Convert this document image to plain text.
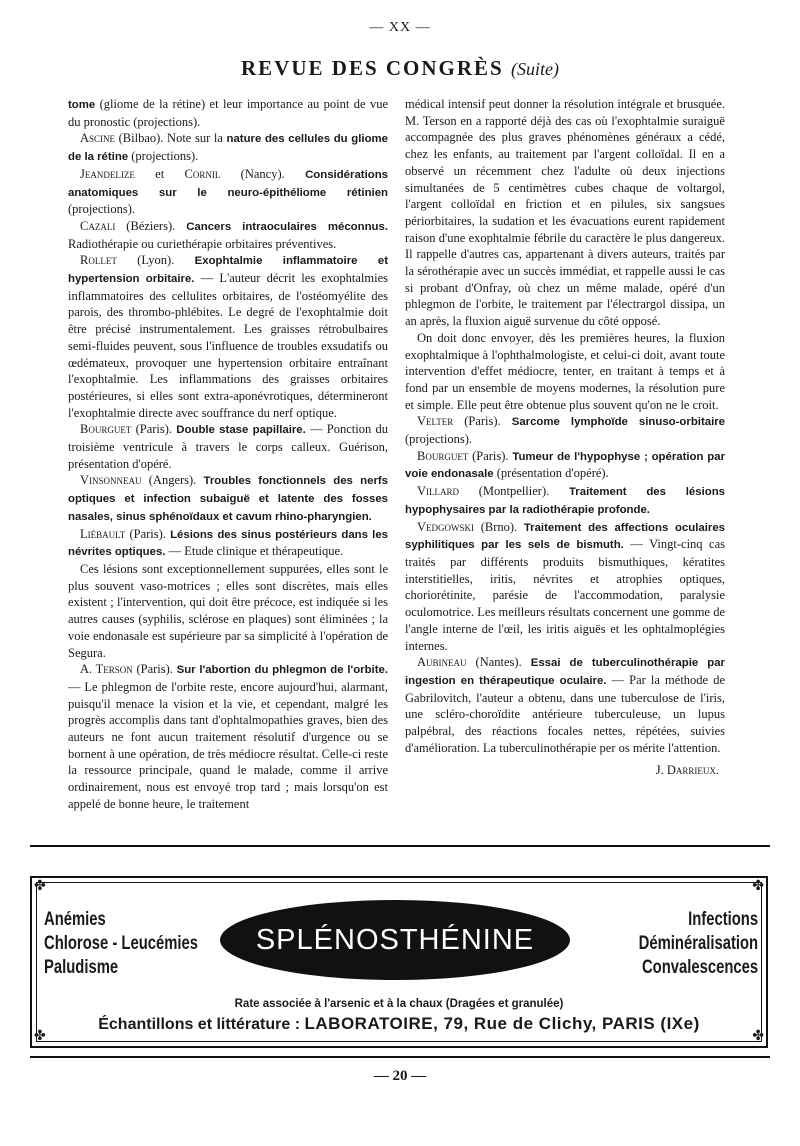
— XX —
REVUE DES CONGRÈS (Suite)

tome (gliome de la rétine) et leur importance au point de vue du pronostic (projections).

Ascine (Bilbao). Note sur la nature des cellules du gliome de la rétine (projections).

Jeandelize et Cornil (Nancy). Considérations anatomiques sur le neuro-épithéliome rétinien (projections).

Cazali (Béziers). Cancers intraoculaires méconnus. Radiothérapie ou curiethérapie orbitaires préventives.

Rollet (Lyon). Exophtalmie inflammatoire et hypertension orbitaire. — L'auteur décrit les exophtalmies inflammatoires des cellulites orbitaires, de l'ostéomyélite des parois, des thrombo-phlébites. Le degré de l'exophtalmie doit être précisé instrumentalement. Les graisses rétrobulbaires semi-fluides peuvent, sous l'influence de troubles exsudatifs ou œdémateux, provoquer une hypertension orbitaire entraînant l'exophtalmie. Les inflammations des graisses orbitaires postérieures, si elles sont extra-aponévrotiques, détermineront l'exophtalmie directe avec souffrance du nerf optique.

Bourguet (Paris). Double stase papillaire. — Ponction du troisième ventricule à travers le corps calleux. Guérison, présentation d'opéré.

Vinsonneau (Angers). Troubles fonctionnels des nerfs optiques et infection subaiguë et latente des fosses nasales, sinus sphénoïdaux et cavum rhino-pharyngien.

Liébault (Paris). Lésions des sinus postérieurs dans les névrites optiques. — Etude clinique et thérapeutique.

Ces lésions sont exceptionnellement suppurées, elles sont le plus souvent vaso-motrices ; elles sont discrètes, mais elles existent ; l'intervention, qui doit être précoce, est indiquée si les autres causes (syphilis, sclérose en plaques) sont éliminées ; la voie endonasale est supérieure par sa simplicité à l'opération de Segura.

A. Terson (Paris). Sur l'abortion du phlegmon de l'orbite. — Le phlegmon de l'orbite reste, encore aujourd'hui, alarmant, puisqu'il menace la vision et la vie, et cependant, malgré les progrès accomplis dans tant d'ophtalmopathies graves, bien des auteurs ne font aucun traitement résolutif d'urgence ou se bornent à une opération, de très médiocre résultat. Celle-ci reste la ressource principale, quand le malade, comme il arrive ordinairement, nous est envoyé trop tard ; mais lorsqu'on est appelé de bonne heure, le traitement

médical intensif peut donner la résolution intégrale et brusquée. M. Terson en a rapporté déjà des cas où l'exophtalmie suraiguë accompagnée des plus graves phénomènes généraux a cédé, chez les enfants, au traitement par l'argent colloïdal. Il en a observé un récemment chez l'adulte où deux injections simultanées de 5 centimètres cubes chaque de voltargol, l'argent colloïdal en friction et en pilules, six sangsues périorbitaires, la sudation et les évacuations eurent rapidement raison d'une exophtalmie fébrile du caractère le plus dangereux. Il rappelle d'autres cas, appartenant à divers auteurs, traités par la sérothérapie avec un succès immédiat, et rappelle aussi le cas si probant d'Onfray, où chez un même malade, opéré d'un phlegmon de l'orbite, le traitement par l'électrargol dissipa, un an après, la fluxion aiguë survenue du côté opposé.

On doit donc envoyer, dès les premières heures, la fluxion exophtalmique à l'ophthalmologiste, et celui-ci doit, avant toute intervention d'effet médiocre, tenter, en traitant à temps et à fond par un ensemble de moyens modernes, la résolution pure et simple. Elle peut être obtenue plus souvent qu'on ne le croit.

Velter (Paris). Sarcome lymphoïde sinuso-orbitaire (projections).

Bourguet (Paris). Tumeur de l'hypophyse ; opération par voie endonasale (présentation d'opéré).

Villard (Montpellier). Traitement des lésions hypophysaires par la radiothérapie profonde.

Vedgowski (Brno). Traitement des affections oculaires syphilitiques par les sels de bismuth. — Vingt-cinq cas traités par différents produits bismuthiques, kératites interstitielles, iritis, névrites et atrophies optiques, choriorétinite, parésie de l'accommodation, paralysie oculomotrice. Les meilleurs résultats concernent une gomme de l'angle interne de l'œil, les iritis aiguës et les ophtalmoplégies internes.

Aubineau (Nantes). Essai de tuberculinothérapie par ingestion en thérapeutique oculaire. — Par la méthode de Gabrilovitch, l'auteur a obtenu, dans une tuberculose de l'iris, une scléro-choroïdite antérieure tuberculeuse, un lupus palpébral, des réactions focales nettes, répétées, suivies d'amélioration. La tuberculinothérapie per os mérite l'attention.

J. Darrieux.

✤	✤
✤	✤
Anémies
Chlorose - Leucémies
Paludisme
SPLÉNOSTHÉNINE
Infections
Déminéralisation
Convalescences
Rate associée à l'arsenic et à la chaux (Dragées et granulée)
Échantillons et littérature : LABORATOIRE, 79, Rue de Clichy, PARIS (IXe)
— 20 —
